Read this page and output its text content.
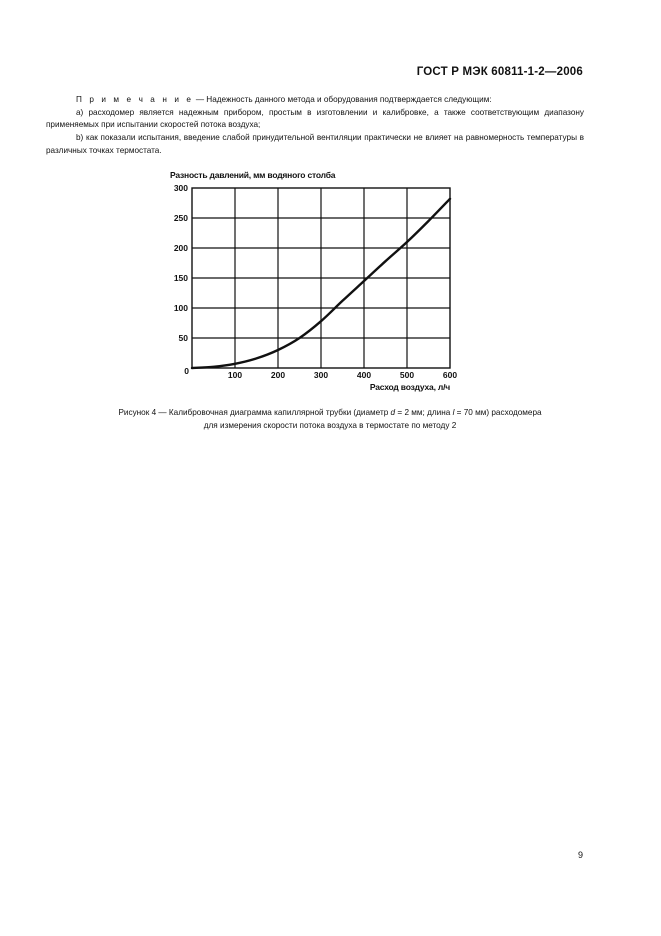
ГОСТ Р МЭК 60811-1-2—2006

П р и м е ч а н и е — Надежность данного метода и оборудования подтверждается следующим:

а) расходомер является надежным прибором, простым в изготовлении и калибровке, а также соответствующим диапазону применяемых при испытании скоростей потока воздуха;

b) как показали испытания, введение слабой принудительной вентиляции практически не влияет на равномерность температуры в различных точках термостата.

Разность давлений, мм водяного столба
Расход воздуха, л/ч
100	200	300	400	500	600
0
50
100
150
200
250
300

Рисунок 4 — Калибровочная диаграмма капиллярной трубки (диаметр d = 2 мм; длина l = 70 мм) расходомера

для измерения скорости потока воздуха в термостате по методу 2

9
